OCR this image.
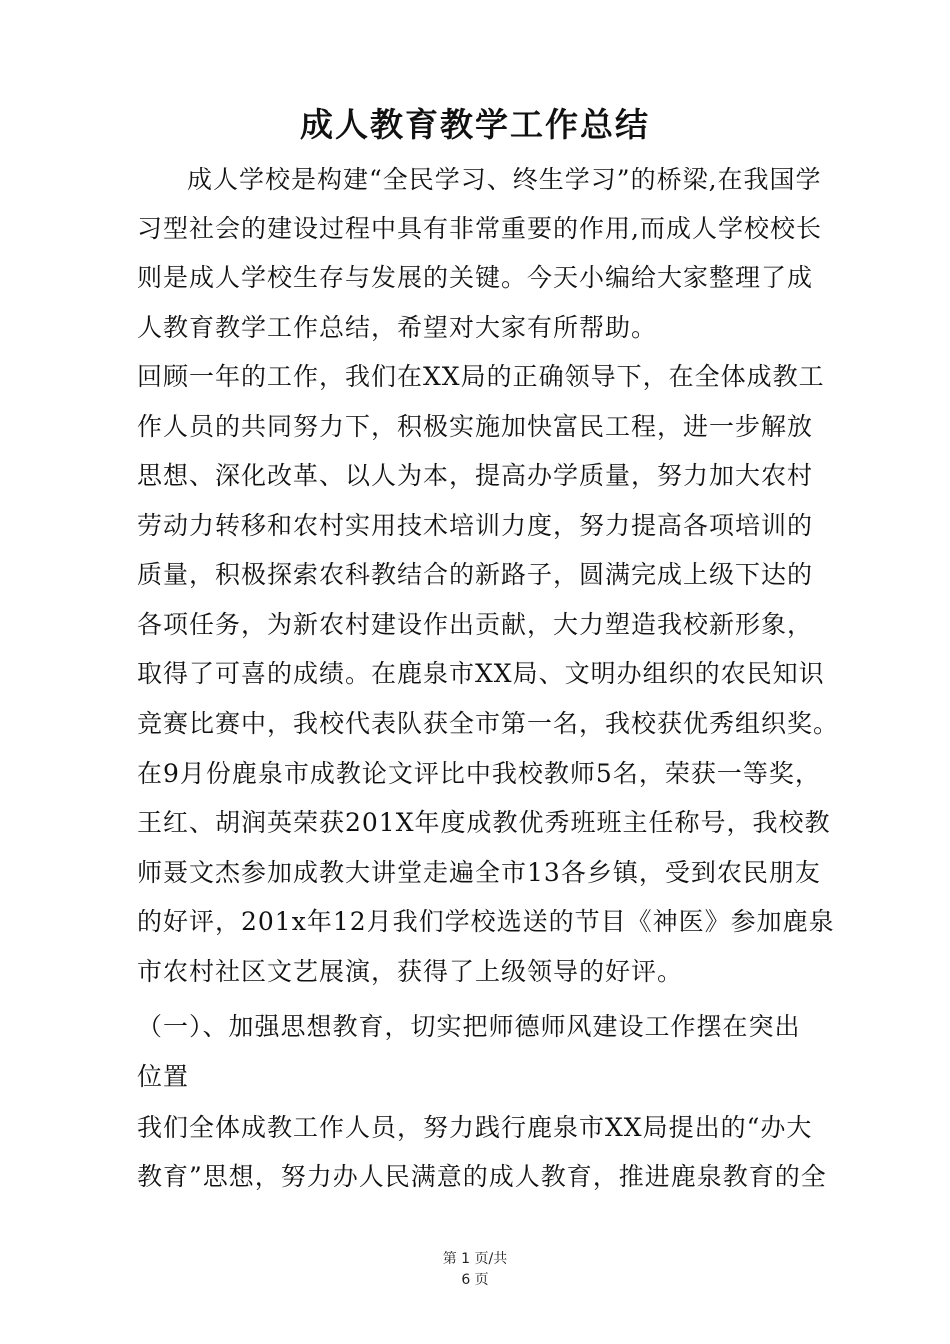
成人教育教学工作总结
成人学校是构建“全民学习、终生学习”的桥梁,在我国学
习型社会的建设过程中具有非常重要的作用,而成人学校校长
则是成人学校生存与发展的关键。今天小编给大家整理了成
人教育教学工作总结，希望对大家有所帮助。
回顾一年的工作，我们在XX局的正确领导下，在全体成教工
作人员的共同努力下，积极实施加快富民工程，进一步解放
思想、深化改革、以人为本，提高办学质量，努力加大农村
劳动力转移和农村实用技术培训力度，努力提高各项培训的
质量，积极探索农科教结合的新路子，圆满完成上级下达的
各项任务，为新农村建设作出贡献，大力塑造我校新形象，
取得了可喜的成绩。在鹿泉市XX局、文明办组织的农民知识
竞赛比赛中，我校代表队获全市第一名，我校获优秀组织奖。
在9月份鹿泉市成教论文评比中我校教师5名，荣获一等奖，
王红、胡润英荣获201X年度成教优秀班班主任称号，我校教
师聂文杰参加成教大讲堂走遍全市13各乡镇，受到农民朋友
的好评，201x年12月我们学校选送的节目《神医》参加鹿泉
市农村社区文艺展演，获得了上级领导的好评。
（一）、加强思想教育，切实把师德师风建设工作摆在突出
位置
我们全体成教工作人员，努力践行鹿泉市XX局提出的“办大
教育”思想，努力办人民满意的成人教育，推进鹿泉教育的全
第 1 页/共
6 页
